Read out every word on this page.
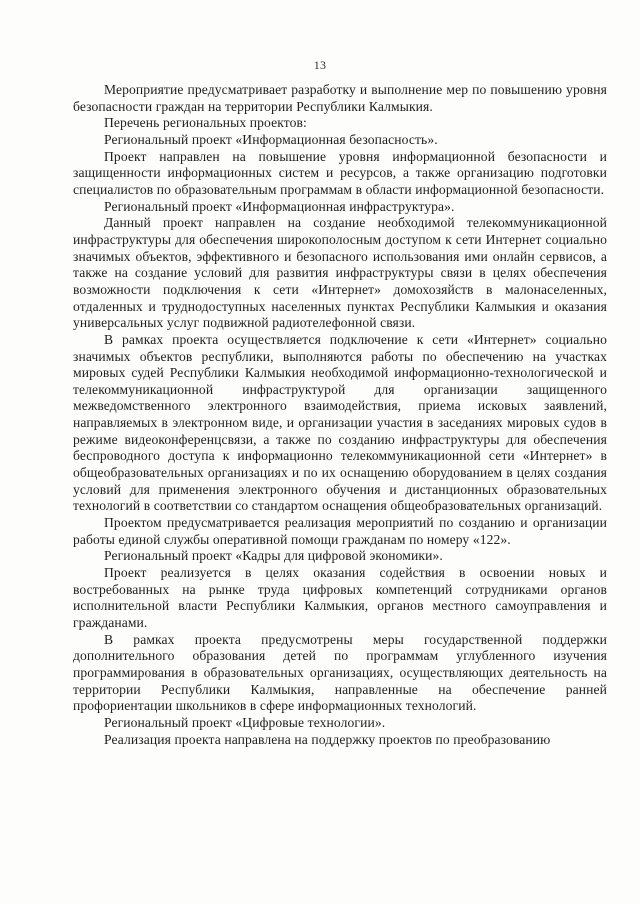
13

Мероприятие предусматривает разработку и выполнение мер по повышению уровня безопасности граждан на территории Республики Калмыкия.

Перечень региональных проектов:

Региональный проект «Информационная безопасность».

Проект направлен на повышение уровня информационной безопасности и защищенности информационных систем и ресурсов, а также организацию подготовки специалистов по образовательным программам в области информационной безопасности.

Региональный проект «Информационная инфраструктура».

Данный проект направлен на создание необходимой телекоммуникационной инфраструктуры для обеспечения широкополосным доступом к сети Интернет социально значимых объектов, эффективного и безопасного использования ими онлайн сервисов, а также на создание условий для развития инфраструктуры связи в целях обеспечения возможности подключения к сети «Интернет» домохозяйств в малонаселенных, отдаленных и труднодоступных населенных пунктах Республики Калмыкия и оказания универсальных услуг подвижной радиотелефонной связи.

В рамках проекта осуществляется подключение к сети «Интернет» социально значимых объектов республики, выполняются работы по обеспечению на участках мировых судей Республики Калмыкия необходимой информационно-технологической и телекоммуникационной инфраструктурой для организации защищенного межведомственного электронного взаимодействия, приема исковых заявлений, направляемых в электронном виде, и организации участия в заседаниях мировых судов в режиме видеоконференцсвязи, а также по созданию инфраструктуры для обеспечения беспроводного доступа к информационно телекоммуникационной сети «Интернет» в общеобразовательных организациях и по их оснащению оборудованием в целях создания условий для применения электронного обучения и дистанционных образовательных технологий в соответствии со стандартом оснащения общеобразовательных организаций.

Проектом предусматривается реализация мероприятий по созданию и организации работы единой службы оперативной помощи гражданам по номеру «122».

Региональный проект «Кадры для цифровой экономики».

Проект реализуется в целях оказания содействия в освоении новых и востребованных на рынке труда цифровых компетенций сотрудниками органов исполнительной власти Республики Калмыкия, органов местного самоуправления и гражданами.

В рамках проекта предусмотрены меры государственной поддержки дополнительного образования детей по программам углубленного изучения программирования в образовательных организациях, осуществляющих деятельность на территории Республики Калмыкия, направленные на обеспечение ранней профориентации школьников в сфере информационных технологий.

Региональный проект «Цифровые технологии».

Реализация проекта направлена на поддержку проектов по преобразованию
